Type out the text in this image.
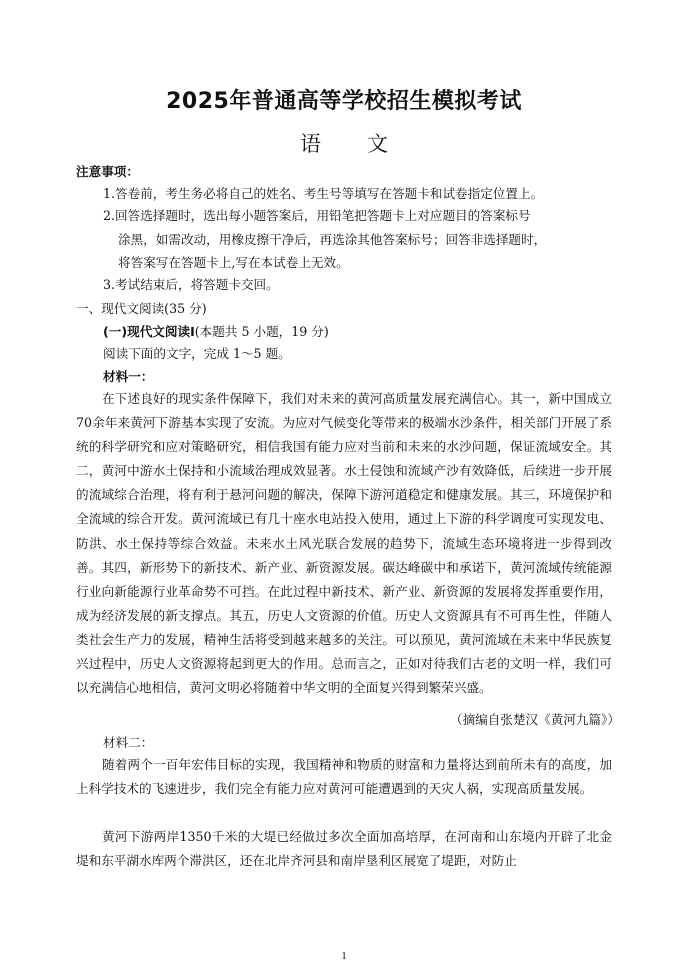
2025年普通高等学校招生模拟考试
语文
注意事项：
1.答卷前，考生务必将自己的姓名、考生号等填写在答题卡和试卷指定位置上。
2.回答选择题时，选出每小题答案后，用铅笔把答题卡上对应题目的答案标号
涂黑，如需改动，用橡皮擦干净后，再选涂其他答案标号；回答非选择题时，
将答案写在答题卡上,写在本试卷上无效。
3.考试结束后，将答题卡交回。
一、现代文阅读(35 分)
(一)现代文阅读Ⅰ(本题共 5 小题，19 分)
阅读下面的文字，完成 1～5 题。
材料一：
在下述良好的现实条件保障下，我们对未来的黄河高质量发展充满信心。其一，新中国成立70余年来黄河下游基本实现了安流。为应对气候变化等带来的极端水沙条件，相关部门开展了系统的科学研究和应对策略研究，相信我国有能力应对当前和未来的水沙问题，保证流域安全。其二，黄河中游水土保持和小流域治理成效显著。水土侵蚀和流域产沙有效降低，后续进一步开展的流域综合治理，将有利于悬河问题的解决，保障下游河道稳定和健康发展。其三，环境保护和全流域的综合开发。黄河流域已有几十座水电站投入使用，通过上下游的科学调度可实现发电、防洪、水土保持等综合效益。未来水土风光联合发展的趋势下，流域生态环境将进一步得到改善。其四，新形势下的新技术、新产业、新资源发展。碳达峰碳中和承诺下，黄河流域传统能源行业向新能源行业革命势不可挡。在此过程中新技术、新产业、新资源的发展将发挥重要作用，成为经济发展的新支撑点。其五，历史人文资源的价值。历史人文资源具有不可再生性，伴随人类社会生产力的发展，精神生活将受到越来越多的关注。可以预见，黄河流域在未来中华民族复兴过程中，历史人文资源将起到更大的作用。总而言之，正如对待我们古老的文明一样，我们可以充满信心地相信，黄河文明必将随着中华文明的全面复兴得到繁荣兴盛。
（摘编自张楚汉《黄河九篇》）
材料二：
随着两个一百年宏伟目标的实现，我国精神和物质的财富和力量将达到前所未有的高度，加上科学技术的飞速进步，我们完全有能力应对黄河可能遭遇到的天灾人祸，实现高质量发展。
黄河下游两岸1350千米的大堤已经做过多次全面加高培厚，在河南和山东境内开辟了北金堤和东平湖水库两个滞洪区，还在北岸齐河县和南岸垦利区展宽了堤距，对防止
1
